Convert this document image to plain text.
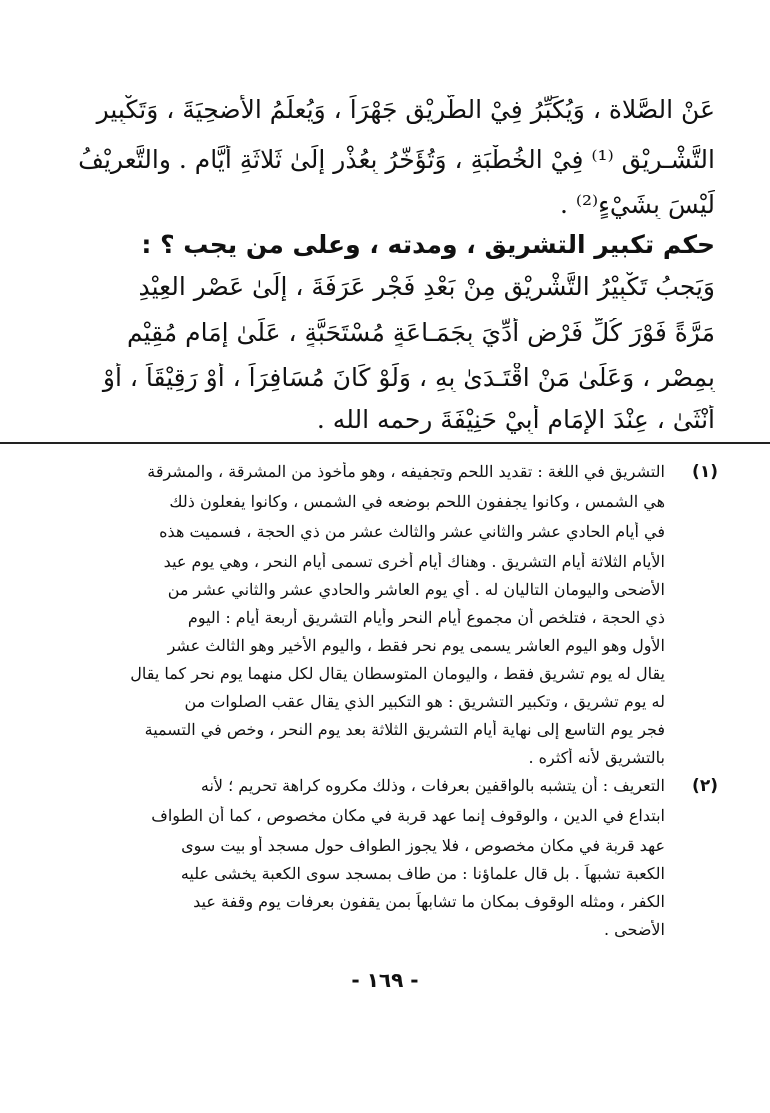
عَنْ الصَّلاة ، وَيُكَبِّرُ فِيْ الطَّرِيْق جَهْرَاً ، وَيُعلِّمُ الأضحِيَةَ ، وَتَكْبِير
التَّشْـريْق ⁽¹⁾ فِيْ الخُطْبَةِ ، وَتُؤَخّرُ بِعُذْرٍ إِلَىٰ ثَلاثَةِ أَيَّام . والتَّعرِيْفُ
لَيْسَ بِشَيْءٍ⁽²⁾ .
حكم تكبير التشريق ، ومدته ، وعلى من يجب ؟ :
وَيَجبُ تَكْبِيْرُ التَّشْرِيْقِ مِنْ بَعْدِ فَجْرِ عَرَفَةَ ، إِلَىٰ عَصْرِ العِيْدِ
مَرَّةً فَوْرَ كُلِّ فَرْضٍ أُدِّيَ بِجَمَـاعَةٍ مُسْتَحَبَّةٍ ، عَلَىٰ إِمَامٍ مُقِيْمٍ
بِمِصْرٍ ، وَعَلَىٰ مَنْ اقْتَـدَىٰ بِهِ ، وَلَوْ كَانَ مُسَافِرَاً ، أَوْ رَقِيْقَاً ، أَوْ
أُنْثَىٰ ، عِنْدَ الإِمَامِ أَبِيْ حَنِيْفَةَ رحمه الله .
(١)
التشريق في اللغة : تقديد اللحم وتجفيفه ، وهو مأخوذ من المشرقة ، والمشرقة
هي الشمس ، وكانوا يجففون اللحم بوضعه في الشمس ، وكانوا يفعلون ذلك
في أيام الحادي عشر والثاني عشر والثالث عشر من ذي الحجة ، فسميت هذه
الأيام الثلاثة أيام التشريق . وهناك أيام أخرى تسمى أيام النحر ، وهي يوم عيد
الأضحى واليومان التاليان له . أي يوم العاشر والحادي عشر والثاني عشر من
ذي الحجة ، فتلخص أن مجموع أيام النحر وأيام التشريق أربعة أيام : اليوم
الأول وهو اليوم العاشر يسمى يوم نحر فقط ، واليوم الأخير وهو الثالث عشر
يقال له يوم تشريق فقط ، واليومان المتوسطان يقال لكل منهما يوم نحر كما يقال
له يوم تشريق ، وتكبير التشريق : هو التكبير الذي يقال عقب الصلوات من
فجر يوم التاسع إلى نهاية أيام التشريق الثلاثة بعد يوم النحر ، وخص في التسمية
بالتشريق لأنه أكثره .
(٢)
التعريف : أن يتشبه بالواقفين بعرفات ، وذلك مكروه كراهة تحريم ؛ لأنه
ابتداع في الدين ، والوقوف إنما عهد قربة في مكان مخصوص ، كما أن الطواف
عهد قربة في مكان مخصوص ، فلا يجوز الطواف حول مسجد أو بيت سوى
الكعبة تشبهاً . بل قال علماؤنا : من طاف بمسجد سوى الكعبة يخشى عليه
الكفر ، ومثله الوقوف بمكان ما تشابهاً بمن يقفون بعرفات يوم وقفة عيد
الأضحى .
- ١٦٩ -
